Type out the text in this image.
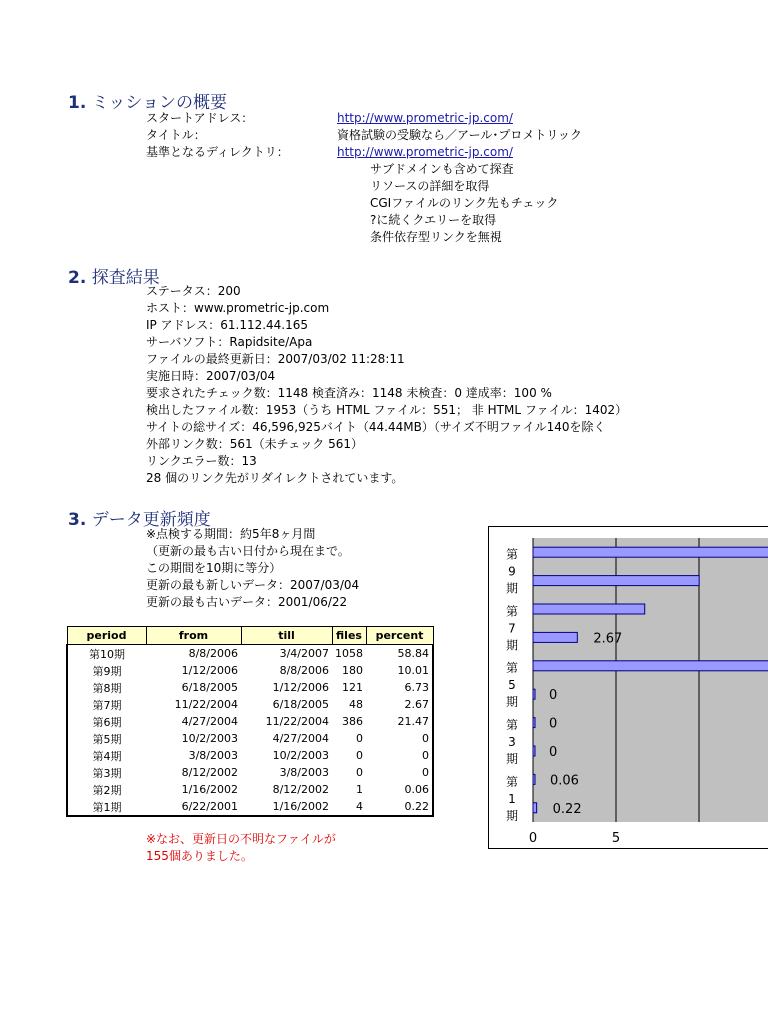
1. ミッションの概要
スタートアドレス：	http://www.prometric-jp.com/
タイトル：	資格試験の受験なら／アール･プロメトリック
基準となるディレクトリ：	http://www.prometric-jp.com/
サブドメインも含めて探査
リソースの詳細を取得
CGIファイルのリンク先もチェック
?に続くクエリーを取得
条件依存型リンクを無視
2. 探査結果
ステータス：200
ホスト：www.prometric-jp.com
IP アドレス：61.112.44.165
サーバソフト：Rapidsite/Apa
ファイルの最終更新日：2007/03/02 11:28:11
実施日時：2007/03/04
要求されたチェック数：1148 検査済み：1148 未検査：0 達成率：100 %
検出したファイル数：1953（うち HTML ファイル：551； 非 HTML ファイル：1402）
サイトの総サイズ：46,596,925バイト（44.44MB）（サイズ不明ファイル140を除く
外部リンク数：561（未チェック 561）
リンクエラー数：13
28 個のリンク先がリダイレクトされています。
3. データ更新頻度
※点検する期間：約5年8ヶ月間
（更新の最も古い日付から現在まで。
この期間を10期に等分）
更新の最も新しいデータ：2007/03/04
更新の最も古いデータ：2001/06/22
period	from	till	files	percent
第10期	8/8/2006	3/4/2007	1058	58.84
第9期	1/12/2006	8/8/2006	180	10.01
第8期	6/18/2005	1/12/2006	121	6.73
第7期	11/22/2004	6/18/2005	48	2.67
第6期	4/27/2004	11/22/2004	386	21.47
第5期	10/2/2003	4/27/2004	0	0
第4期	3/8/2003	10/2/2003	0	0
第3期	8/12/2002	3/8/2003	0	0
第2期	1/16/2002	8/12/2002	1	0.06
第1期	6/22/2001	1/16/2002	4	0.22
※なお、更新日の不明なファイルが
155個ありました。
0.22
0.06
0
0
0
2.67
第
1
期
第
3
期
第
5
期
第
7
期
第
9
期
0	5
